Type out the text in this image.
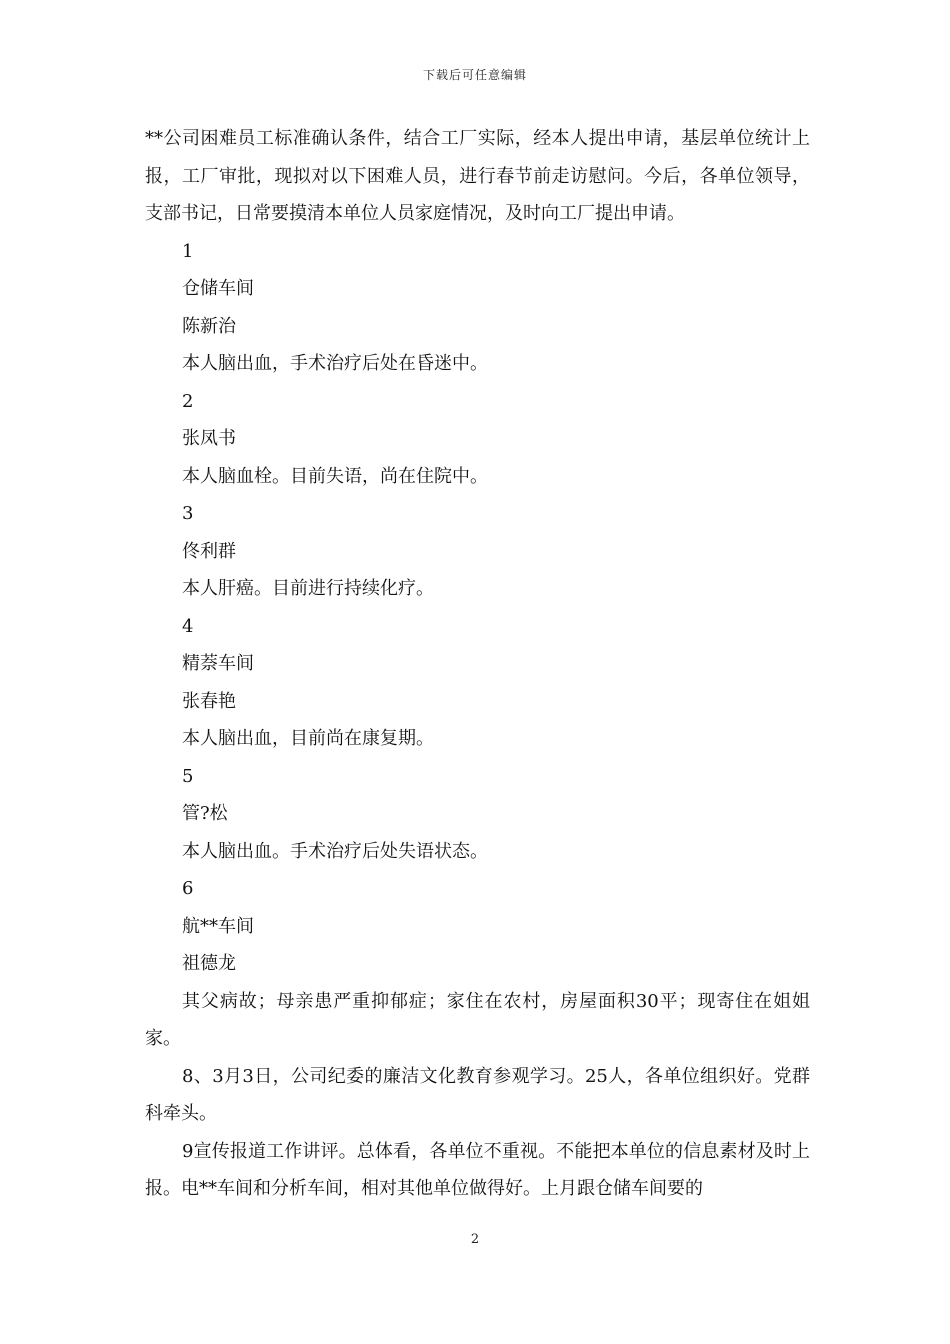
下载后可任意编辑

**公司困难员工标准确认条件，结合工厂实际，经本人提出申请，基层单位统计上报，工厂审批，现拟对以下困难人员，进行春节前走访慰问。今后，各单位领导，支部书记，日常要摸清本单位人员家庭情况，及时向工厂提出申请。

1

仓储车间

陈新治

本人脑出血，手术治疗后处在昏迷中。

2

张凤书

本人脑血栓。目前失语，尚在住院中。

3

佟利群

本人肝癌。目前进行持续化疗。

4

精萘车间

张春艳

本人脑出血，目前尚在康复期。

5

管?松

本人脑出血。手术治疗后处失语状态。

6

航**车间

祖德龙

其父病故；母亲患严重抑郁症；家住在农村，房屋面积30平；现寄住在姐姐家。

8、3月3日，公司纪委的廉洁文化教育参观学习。25人，各单位组织好。党群科牵头。

9宣传报道工作讲评。总体看，各单位不重视。不能把本单位的信息素材及时上报。电**车间和分析车间，相对其他单位做得好。上月跟仓储车间要的

2
